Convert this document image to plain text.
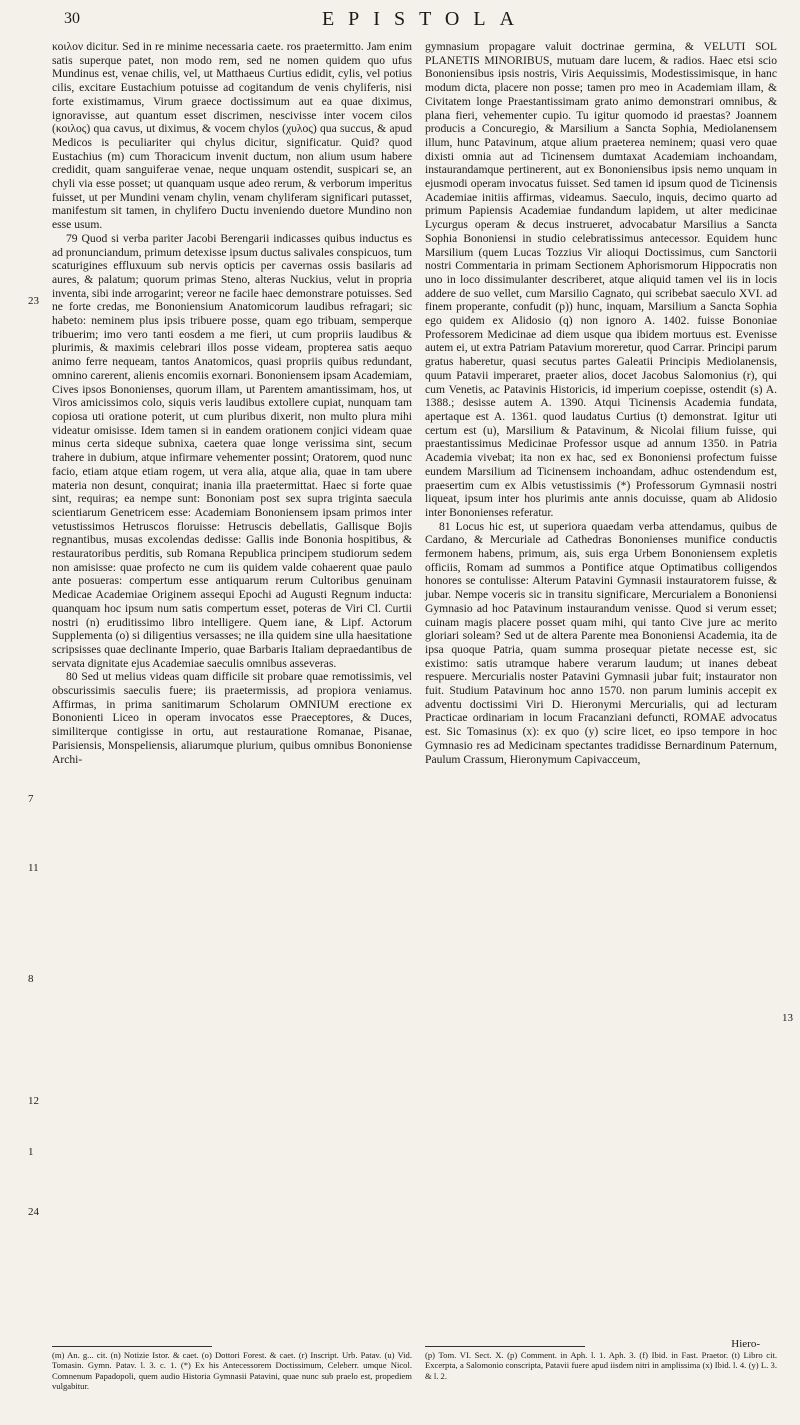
30	EPISTOLA

κοιλον dicitur. Sed in re minime necessaria caete. ros praetermitto. Jam enim satis superque patet, non modo rem, sed ne nomen quidem quo ufus Mundinus est, venae chilis, vel, ut Matthaeus Curtius edidit, cylis, vel potius cilis, excitare Eustachium potuisse ad cogitandum de venis chyliferis, nisi forte existimamus, Virum graece doctissimum aut ea quae diximus, ignoravisse, aut quantum esset discrimen, nescivisse inter vocem cilos (κοιλος) qua cavus, ut diximus, & vocem chylos (χυλος) qua succus, & apud Medicos is peculiariter qui chylus dicitur, significatur. Quid? quod Eustachius (m) cum Thoracicum invenit ductum, non alium usum habere credidit, quam sanguiferae venae, neque unquam ostendit, suspicari se, an chyli via esse posset; ut quanquam usque adeo rerum, & verborum imperitus fuisset, ut per Mundini venam chylin, venam chyliferam significari putasset, manifestum sit tamen, in chylifero Ductu inveniendo duetore Mundino non esse usum.

79 Quod si verba pariter Jacobi Berengarii indicasses quibus inductus es ad pronunciandum, primum detexisse ipsum ductus salivales conspicuos, tum scaturigines effluxuum sub nervis opticis per cavernas ossis basilaris ad aures, & palatum; quorum primas Steno, alteras Nuckius, velut in propria inventa, sibi inde arrogarint; vereor ne facile haec demonstrare potuisses. Sed ne forte credas, me Bononiensium Anatomicorum laudibus refragari; sic habeto: neminem plus ipsis tribuere posse, quam ego tribuam, semperque tribuerim; imo vero tanti eosdem a me fieri, ut cum propriis laudibus & plurimis, & maximis celebrari illos posse videam, propterea satis aequo animo ferre nequeam, tantos Anatomicos, quasi propriis quibus redundant, omnino carerent, alienis encomiis exornari. Bononiensem ipsam Academiam, Cives ipsos Bononienses, quorum illam, ut Parentem amantissimam, hos, ut Viros amicissimos colo, siquis veris laudibus extollere cupiat, nunquam tam copiosa uti oratione poterit, ut cum pluribus dixerit, non multo plura mihi videatur omisisse. Idem tamen si in eandem orationem conjici videam quae minus certa sideque subnixa, caetera quae longe verissima sint, secum trahere in dubium, atque infirmare vehementer possint; Oratorem, quod nunc facio, etiam atque etiam rogem, ut vera alia, atque alia, quae in tam ubere materia non desunt, conquirat; inania illa praetermittat. Haec si forte quae sint, requiras; ea nempe sunt: Bononiam post sex supra triginta saecula scientiarum Genetricem esse: Academiam Bononiensem ipsam primos inter vetustissimos Hetruscos floruisse: Hetruscis debellatis, Gallisque Bojis regnantibus, musas excolendas dedisse: Gallis inde Bononia hospitibus, & restauratoribus perditis, sub Romana Republica principem studiorum sedem non amisisse: quae profecto ne cum iis quidem valde cohaerent quae paulo ante posueras: compertum esse antiquarum rerum Cultoribus genuinam Medicae Academiae Originem assequi Epochi ad Augusti Regnum inducta: quanquam hoc ipsum num satis compertum esset, poteras de Viri Cl. Curtii nostri (n) eruditissimo libro intelligere. Quem iane, & Lipf. Actorum Supplementa (o) si diligentius versasses; ne illa quidem sine ulla haesitatione scripsisses quae declinante Imperio, quae Barbaris Italiam depraedantibus de servata dignitate ejus Academiae saeculis omnibus asseveras.

80 Sed ut melius videas quam difficile sit probare quae remotissimis, vel obscurissimis saeculis fuere; iis praetermissis, ad propiora veniamus. Affirmas, in prima sanitimarum Scholarum OMNIUM erectione ex Bononienti Liceo in operam invocatos esse Praeceptores, & Duces, similiterque contigisse in ortu, aut restauratione Romanae, Pisanae, Parisiensis, Monspeliensis, aliarumque plurium, quibus omnibus Bononiense Archi-

gymnasium propagare valuit doctrinae germina, & VELUTI SOL PLANETIS MINORIBUS, mutuam dare lucem, & radios. Haec etsi scio Bononiensibus ipsis nostris, Viris Aequissimis, Modestissimisque, in hanc modum dicta, placere non posse; tamen pro meo in Academiam illam, & Civitatem longe Praestantissimam grato animo demonstrari omnibus, & plana fieri, vehementer cupio. Tu igitur quomodo id praestas? Joannem producis a Concuregio, & Marsilium a Sancta Sophia, Mediolanensem illum, hunc Patavinum, atque alium praeterea neminem; quasi vero quae dixisti omnia aut ad Ticinensem dumtaxat Academiam inchoandam, instaurandamque pertinerent, aut ex Bononiensibus ipsis nemo unquam in ejusmodi operam invocatus fuisset. Sed tamen id ipsum quod de Ticinensis Academiae initiis affirmas, videamus. Saeculo, inquis, decimo quarto ad primum Papiensis Academiae fundandum lapidem, ut alter medicinae Lycurgus operam & decus instrueret, advocabatur Marsilius a Sancta Sophia Bononiensi in studio celebratissimus antecessor. Equidem hunc Marsilium (quem Lucas Tozzius Vir alioqui Doctissimus, cum Sanctorii nostri Commentaria in primam Sectionem Aphorismorum Hippocratis non uno in loco dissimulanter describeret, atque aliquid tamen vel iis in locis addere de suo vellet, cum Marsilio Cagnato, qui scribebat saeculo XVI. ad finem properante, confudit (p)) hunc, inquam, Marsilium a Sancta Sophia ego quidem ex Alidosio (q) non ignoro A. 1402. fuisse Bononiae Professorem Medicinae ad diem usque qua ibidem mortuus est. Evenisse autem ei, ut extra Patriam Patavium moreretur, quod Carrar. Principi parum gratus haberetur, quasi secutus partes Galeatii Principis Mediolanensis, quum Patavii imperaret, praeter alios, docet Jacobus Salomonius (r), qui cum Venetis, ac Patavinis Historicis, id imperium coepisse, ostendit (s) A. 1388.; desisse autem A. 1390. Atqui Ticinensis Academia fundata, apertaque est A. 1361. quod laudatus Curtius (t) demonstrat. Igitur uti certum est (u), Marsilium & Patavinum, & Nicolai filium fuisse, qui praestantissimus Medicinae Professor usque ad annum 1350. in Patria Academia vivebat; ita non ex hac, sed ex Bononiensi profectum fuisse eundem Marsilium ad Ticinensem inchoandam, adhuc ostendendum est, praesertim cum ex Albis vetustissimis (*) Professorum Gymnasii nostri liqueat, ipsum inter hos plurimis ante annis docuisse, quam ab Alidosio inter Bononienses referatur.

81 Locus hic est, ut superiora quaedam verba attendamus, quibus de Cardano, & Mercuriale ad Cathedras Bononienses munifice conductis fermonem habens, primum, ais, suis erga Urbem Bononiensem expletis officiis, Romam ad summos a Pontifice atque Optimatibus colligendos honores se contulisse: Alterum Patavini Gymnasii instauratorem fuisse, & jubar. Nempe voceris sic in transitu significare, Mercurialem a Bononiensi Gymnasio ad hoc Patavinum instaurandum venisse. Quod si verum esset; cuinam magis placere posset quam mihi, qui tanto Cive jure ac merito gloriari soleam? Sed ut de altera Parente mea Bononiensi Academia, ita de ipsa quoque Patria, quam summa prosequar pietate necesse est, sic existimo: satis utramque habere verarum laudum; ut inanes debeat respuere. Mercurialis noster Patavini Gymnasii jubar fuit; instaurator non fuit. Studium Patavinum hoc anno 1570. non parum luminis accepit ex adventu doctissimi Viri D. Hieronymi Mercurialis, qui ad lecturam Practicae ordinariam in locum Fracanziani defuncti, ROMAE advocatus est. Sic Tomasinus (x): ex quo (y) scire licet, eo ipso tempore in hoc Gymnasio res ad Medicinam spectantes tradidisse Bernardinum Paternum, Paulum Crassum, Hieronymum Capivacceum,

23
7
11
8
12
1
24
13
Hiero-
(m) An. g... cit. (n) Notizie Istor. & caet. (o) Dottori Forest. & caet. (r) Inscript. Urb. Patav. (u) Vid. Tomasin. Gymn. Patav. l. 3. c. 1. (*) Ex his Antecessorem Doctissimum, Celeberr. umque Nicol. Comnenum Papadopoli, quem audio Historia Gymnasii Patavini, quae nunc sub praelo est, propediem vulgabitur.
(p) Tom. VI. Sect. X. (p) Comment. in Aph. l. 1. Aph. 3. (f) Ibid. in Fast. Praetor. (t) Libro cit. Excerpta, a Salomonio conscripta, Patavii fuere apud iisdem nitri in amplissima (x) Ibid. l. 4. (y) L. 3. & l. 2.
